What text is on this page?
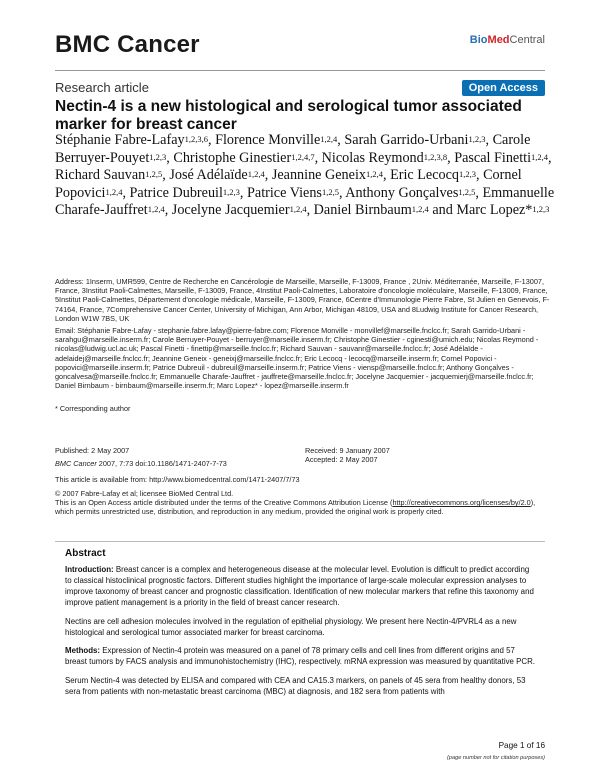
BMC Cancer	BioMedCentral
Research article	Open Access
Nectin-4 is a new histological and serological tumor associated marker for breast cancer
Stéphanie Fabre-Lafay$^{1,2,3,6}$, Florence Monville$^{1,2,4}$, Sarah Garrido-Urbani$^{1,2,3}$, Carole Berruyer-Pouyet$^{1,2,3}$, Christophe Ginestier$^{1,2,4,7}$, Nicolas Reymond$^{1,2,3,8}$, Pascal Finetti$^{1,2,4}$, Richard Sauvan$^{1,2,5}$, José Adélaïde$^{1,2,4}$, Jeannine Geneix$^{1,2,4}$, Eric Lecocq$^{1,2,3}$, Cornel Popovici$^{1,2,4}$, Patrice Dubreuil$^{1,2,3}$, Patrice Viens$^{1,2,5}$, Anthony Gonçalves$^{1,2,5}$, Emmanuelle Charafe-Jauffret$^{1,2,4}$, Jocelyne Jacquemier$^{1,2,4}$, Daniel Birnbaum$^{1,2,4}$ and Marc Lopez*$^{1,2,3}$
Address: 1Inserm, UMR599, Centre de Recherche en Cancérologie de Marseille, Marseille, F-13009, France , 2Univ. Méditerranée, Marseille, F-13007, France, 3Institut Paoli-Calmettes, Marseille, F-13009, France, 4Institut Paoli-Calmettes, Laboratoire d'oncologie moléculaire, Marseille, F-13009, France, 5Institut Paoli-Calmettes, Département d'oncologie médicale, Marseille, F-13009, France, 6Centre d'Immunologie Pierre Fabre, St Julien en Genevois, F-74164, France, 7Comprehensive Cancer Center, University of Michigan, Ann Arbor, Michigan 48109, USA and 8Ludwig Institute for Cancer Research, London W1W 7BS, UK
Email: Stéphanie Fabre-Lafay - stephanie.fabre.lafay@pierre-fabre.com; Florence Monville - monvillef@marseille.fnclcc.fr; Sarah Garrido-Urbani - sarahgu@marseille.inserm.fr; Carole Berruyer-Pouyet - berruyer@marseille.inserm.fr; Christophe Ginestier - cginesti@umich.edu; Nicolas Reymond - nicolas@ludwig.ucl.ac.uk; Pascal Finetti - finettip@marseille.fnclcc.fr; Richard Sauvan - sauvanr@marseille.fnclcc.fr; José Adélaïde - adelaidej@marseille.fnclcc.fr; Jeannine Geneix - geneixj@marseille.fnclcc.fr; Eric Lecocq - lecocq@marseille.inserm.fr; Cornel Popovici - popovici@marseille.inserm.fr; Patrice Dubreuil - dubreuil@marseille.inserm.fr; Patrice Viens - viensp@marseille.fnclcc.fr; Anthony Gonçalves - goncalvesa@marseille.fnclcc.fr; Emmanuelle Charafe-Jauffret - jauffrete@marseille.fnclcc.fr; Jocelyne Jacquemier - jacquemierj@marseille.fnclcc.fr; Daniel Birnbaum - birnbaum@marseille.inserm.fr; Marc Lopez* - lopez@marseille.inserm.fr
* Corresponding author
Published: 2 May 2007
BMC Cancer 2007, 7:73 doi:10.1186/1471-2407-7-73
Received: 9 January 2007
Accepted: 2 May 2007
This article is available from: http://www.biomedcentral.com/1471-2407/7/73
© 2007 Fabre-Lafay et al; licensee BioMed Central Ltd.
This is an Open Access article distributed under the terms of the Creative Commons Attribution License (http://creativecommons.org/licenses/by/2.0), which permits unrestricted use, distribution, and reproduction in any medium, provided the original work is properly cited.
Abstract

Introduction: Breast cancer is a complex and heterogeneous disease at the molecular level. Evolution is difficult to predict according to classical histoclinical prognostic factors. Different studies highlight the importance of large-scale molecular expression analyses to improve taxonomy of breast cancer and prognostic classification. Identification of new molecular markers that refine this taxonomy and improve patient management is a priority in the field of breast cancer research.

Nectins are cell adhesion molecules involved in the regulation of epithelial physiology. We present here Nectin-4/PVRL4 as a new histological and serological tumor associated marker for breast carcinoma.

Methods: Expression of Nectin-4 protein was measured on a panel of 78 primary cells and cell lines from different origins and 57 breast tumors by FACS analysis and immunohistochemistry (IHC), respectively. mRNA expression was measured by quantitative PCR.

Serum Nectin-4 was detected by ELISA and compared with CEA and CA15.3 markers, on panels of 45 sera from healthy donors, 53 sera from patients with non-metastatic breast carcinoma (MBC) at diagnosis, and 182 sera from patients with

Page 1 of 16
(page number not for citation purposes)
